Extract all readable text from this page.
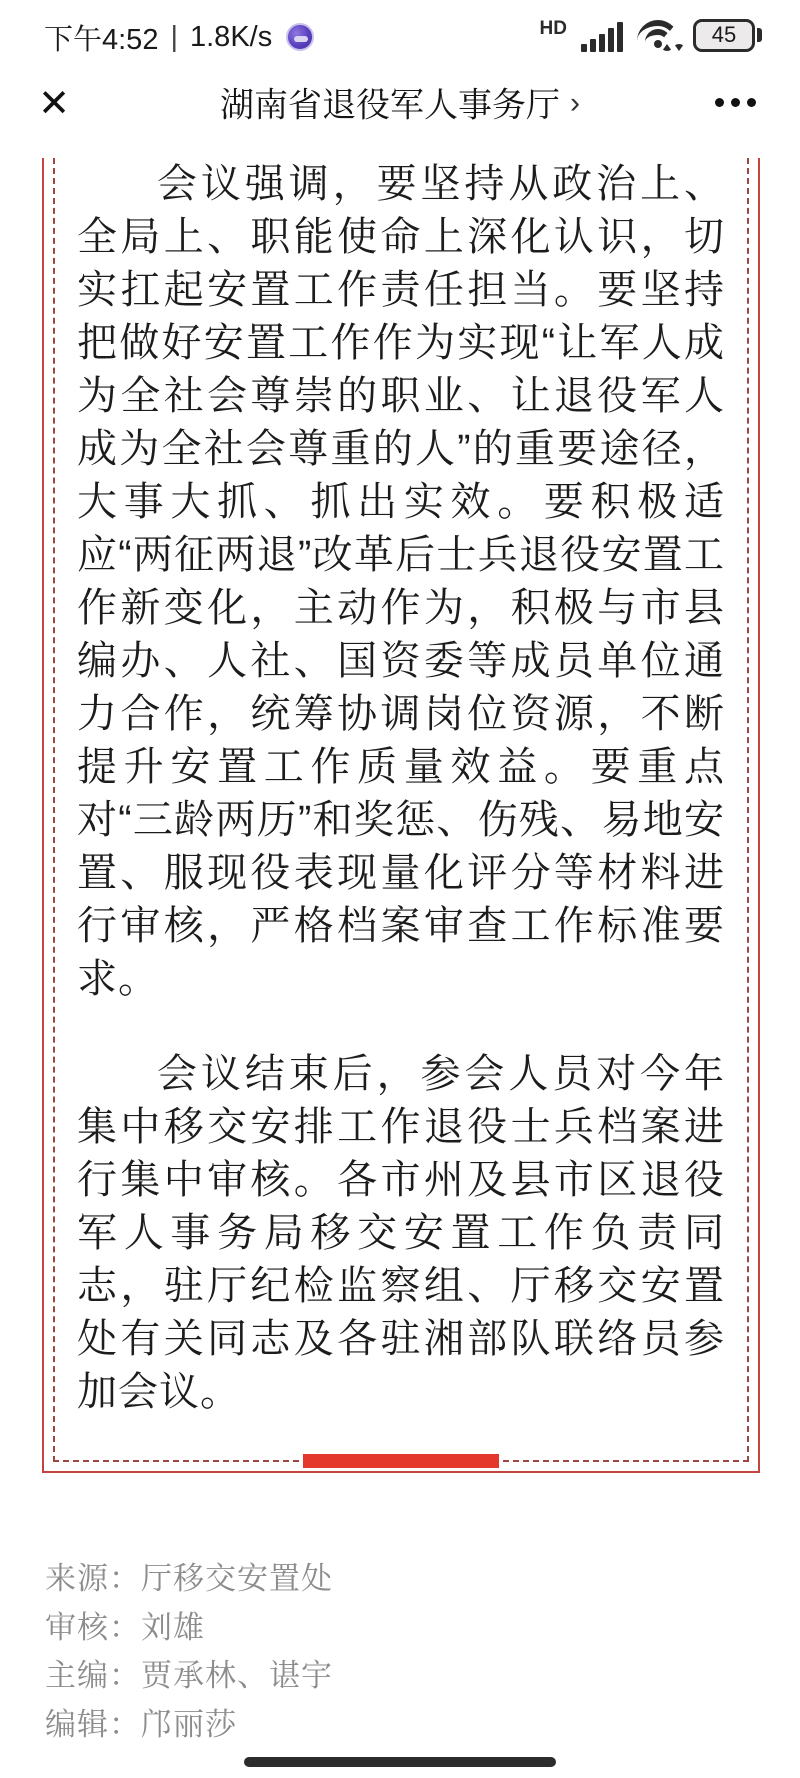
下午4:52 | 1.8K/s	HD	45
✕	湖南省退役军人事务厅 ›

会议强调，要坚持从政治上、全局上、职能使命上深化认识，切实扛起安置工作责任担当。要坚持把做好安置工作作为实现“让军人成为全社会尊崇的职业、让退役军人成为全社会尊重的人”的重要途径，大事大抓、抓出实效。要积极适应“两征两退”改革后士兵退役安置工作新变化，主动作为，积极与市县编办、人社、国资委等成员单位通力合作，统筹协调岗位资源，不断提升安置工作质量效益。要重点对“三龄两历”和奖惩、伤残、易地安置、服现役表现量化评分等材料进行审核，严格档案审查工作标准要求。

会议结束后，参会人员对今年集中移交安排工作退役士兵档案进行集中审核。各市州及县市区退役军人事务局移交安置工作负责同志，驻厅纪检监察组、厅移交安置处有关同志及各驻湘部队联络员参加会议。

来源：厅移交安置处
审核：刘雄
主编：贾承林、谌宇
编辑：邝丽莎
